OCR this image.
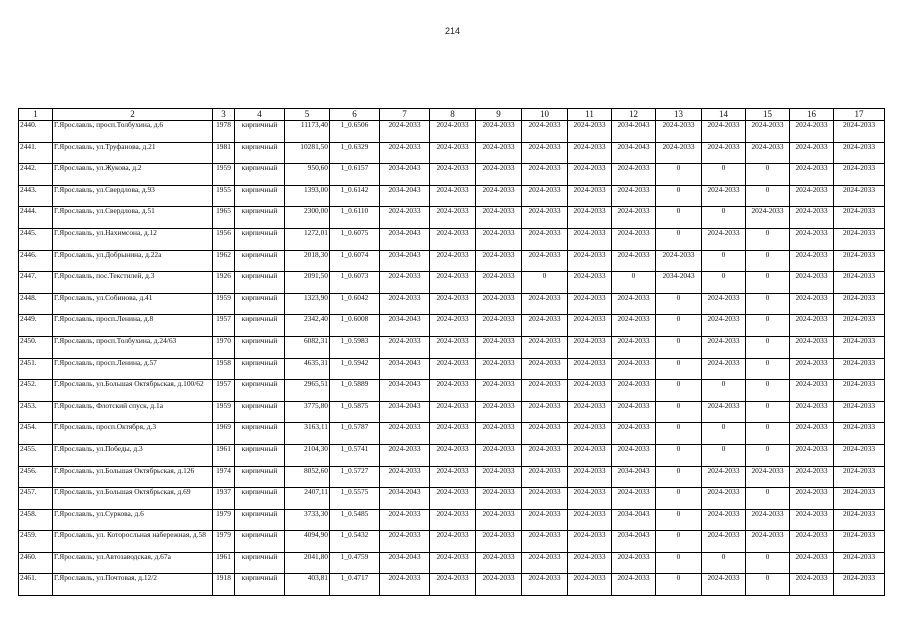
214
1	2	3	4	5	6	7	8	9	10	11	12	13	14	15	16	17
2440.	Г.Ярославль, просп.Толбухина, д.6	1978	кирпичный	11173,40	1_0.6506	2024-2033	2024-2033	2024-2033	2024-2033	2024-2033	2034-2043	2024-2033	2024-2033	2024-2033	2024-2033	2024-2033
2441.	Г.Ярославль, ул.Труфанова, д.21	1981	кирпичный	10281,50	1_0.6329	2024-2033	2024-2033	2024-2033	2024-2033	2024-2033	2034-2043	2024-2033	2024-2033	2024-2033	2024-2033	2024-2033
2442.	Г.Ярославль, ул.Жукова, д.2	1959	кирпичный	950,60	1_0.6157	2034-2043	2024-2033	2024-2033	2024-2033	2024-2033	2024-2033	0	0	0	2024-2033	2024-2033
2443.	Г.Ярославль, ул.Свердлова, д.93	1955	кирпичный	1393,00	1_0.6142	2034-2043	2024-2033	2024-2033	2024-2033	2024-2033	2024-2033	0	2024-2033	0	2024-2033	2024-2033
2444.	Г.Ярославль, ул.Свердлова, д.51	1965	кирпичный	2300,00	1_0.6110	2024-2033	2024-2033	2024-2033	2024-2033	2024-2033	2024-2033	0	0	2024-2033	2024-2033	2024-2033
2445.	Г.Ярославль, ул.Нахимсона, д.12	1956	кирпичный	1272,01	1_0.6075	2034-2043	2024-2033	2024-2033	2024-2033	2024-2033	2024-2033	0	2024-2033	0	2024-2033	2024-2033
2446.	Г.Ярославль, ул.Добрынина, д.22а	1962	кирпичный	2018,30	1_0.6074	2034-2043	2024-2033	2024-2033	2024-2033	2024-2033	2024-2033	2024-2033	0	0	2024-2033	2024-2033
2447.	Г.Ярославль, пос.Текстилей, д.3	1926	кирпичный	2091,50	1_0.6073	2024-2033	2024-2033	2024-2033	0	2024-2033	0	2034-2043	0	0	2024-2033	2024-2033
2448.	Г.Ярославль, ул.Собинова, д.41	1959	кирпичный	1323,90	1_0.6042	2024-2033	2024-2033	2024-2033	2024-2033	2024-2033	2024-2033	0	2024-2033	0	2024-2033	2024-2033
2449.	Г.Ярославль, просп.Ленина, д.8	1957	кирпичный	2342,40	1_0.6008	2034-2043	2024-2033	2024-2033	2024-2033	2024-2033	2024-2033	0	2024-2033	0	2024-2033	2024-2033
2450.	Г.Ярославль, просп.Толбухина, д.24/63	1970	кирпичный	6082,31	1_0.5983	2024-2033	2024-2033	2024-2033	2024-2033	2024-2033	2024-2033	0	2024-2033	0	2024-2033	2024-2033
2451.	Г.Ярославль, просп.Ленина, д.57	1958	кирпичный	4635,31	1_0.5942	2034-2043	2024-2033	2024-2033	2024-2033	2024-2033	2024-2033	0	2024-2033	0	2024-2033	2024-2033
2452.	Г.Ярославль, ул.Большая Октябрьская, д.100/62	1957	кирпичный	2965,51	1_0.5889	2034-2043	2024-2033	2024-2033	2024-2033	2024-2033	2024-2033	0	0	0	2024-2033	2024-2033
2453.	Г.Ярославль, Флотский спуск, д.1а	1959	кирпичный	3775,80	1_0.5875	2034-2043	2024-2033	2024-2033	2024-2033	2024-2033	2024-2033	0	2024-2033	0	2024-2033	2024-2033
2454.	Г.Ярославль, просп.Октября, д.3	1969	кирпичный	3163,11	1_0.5787	2024-2033	2024-2033	2024-2033	2024-2033	2024-2033	2024-2033	0	0	0	2024-2033	2024-2033
2455.	Г.Ярославль, ул.Победы, д.3	1961	кирпичный	2104,30	1_0.5741	2024-2033	2024-2033	2024-2033	2024-2033	2024-2033	2024-2033	0	0	0	2024-2033	2024-2033
2456.	Г.Ярославль, ул.Большая Октябрьская, д.126	1974	кирпичный	8052,60	1_0.5727	2024-2033	2024-2033	2024-2033	2024-2033	2024-2033	2034-2043	0	2024-2033	2024-2033	2024-2033	2024-2033
2457.	Г.Ярославль, ул.Большая Октябрьская, д.69	1937	кирпичный	2407,11	1_0.5575	2034-2043	2024-2033	2024-2033	2024-2033	2024-2033	2024-2033	0	2024-2033	0	2024-2033	2024-2033
2458.	Г.Ярославль, ул.Суркова, д.6	1979	кирпичный	3733,30	1_0.5485	2024-2033	2024-2033	2024-2033	2024-2033	2024-2033	2034-2043	0	2024-2033	2024-2033	2024-2033	2024-2033
2459.	Г.Ярославль, ул. Которосльная набережная, д.58	1979	кирпичный	4094,90	1_0.5432	2024-2033	2024-2033	2024-2033	2024-2033	2024-2033	2034-2043	0	2024-2033	2024-2033	2024-2033	2024-2033
2460.	Г.Ярославль, ул.Автозаводская, д.67а	1961	кирпичный	2041,80	1_0.4759	2034-2043	2024-2033	2024-2033	2024-2033	2024-2033	2024-2033	0	0	0	2024-2033	2024-2033
2461.	Г.Ярославль, ул.Почтовая, д.12/2	1918	кирпичный	403,81	1_0.4717	2024-2033	2024-2033	2024-2033	2024-2033	2024-2033	2024-2033	0	2024-2033	0	2024-2033	2024-2033
